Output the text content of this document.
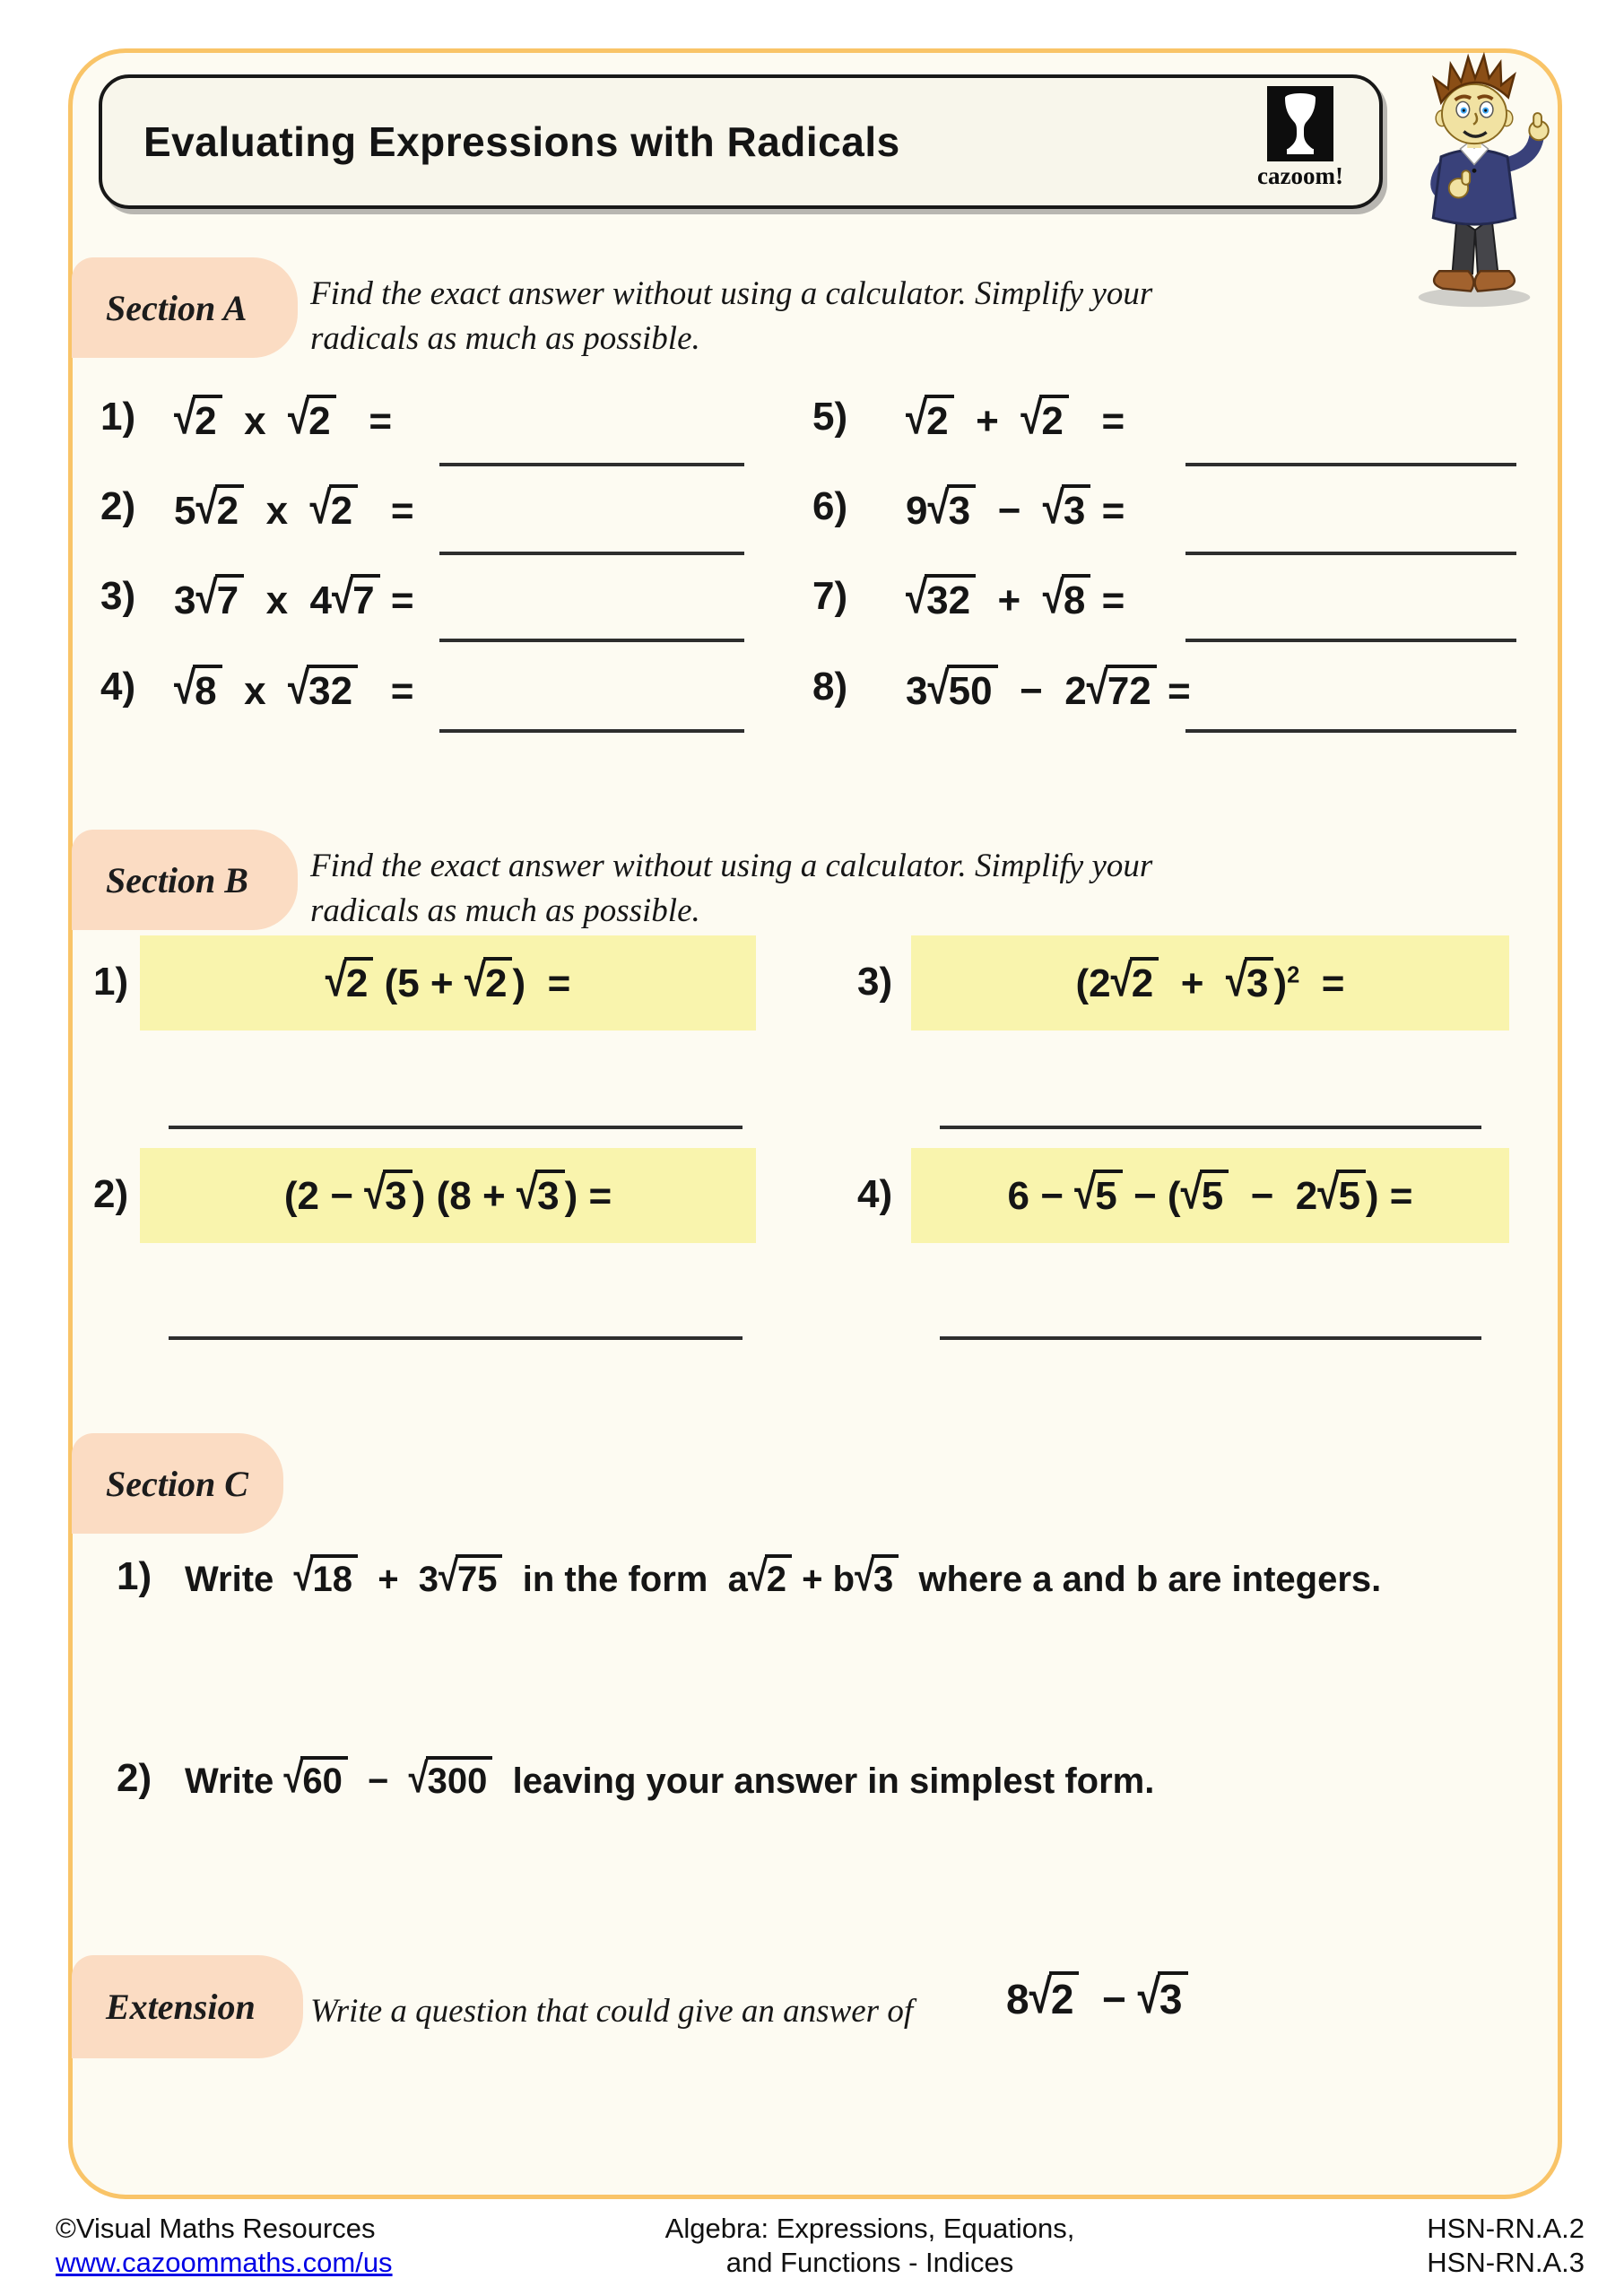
Evaluating Expressions with Radicals
cazoom!
Section A Find the exact answer without using a calculator. Simplify your
radicals as much as possible.
1) √2  x  √2   =
2) 5√2  x  √2   =
3) 3√7  x  4√7 =
4) √8  x  √32   =
5)	√2  +  √2   =
6)	9√3  −  √3 =
7)	√32  +  √8 =
8)	3√50  −  2√72 =
Section B Find the exact answer without using a calculator. Simplify your
radicals as much as possible.
1)	√2 (5 + √2 )  =	3)	(2√2  +  √3 )$^2$  =
2)	(2 − √3 ) (8 + √3 ) =	4)	6 − √5 − (√5  −  2√5 ) =
Section C
1) Write  √18  +  3√75  in the form  a√2 + b√3  where a and b are integers.
2) Write √60  −  √300  leaving your answer in simplest form.
Extension Write a question that could give an answer of 8√2  − √3
©Visual Maths Resources
www.cazoommaths.com/us
Algebra: Expressions, Equations,
and Functions - Indices
HSN-RN.A.2
HSN-RN.A.3
